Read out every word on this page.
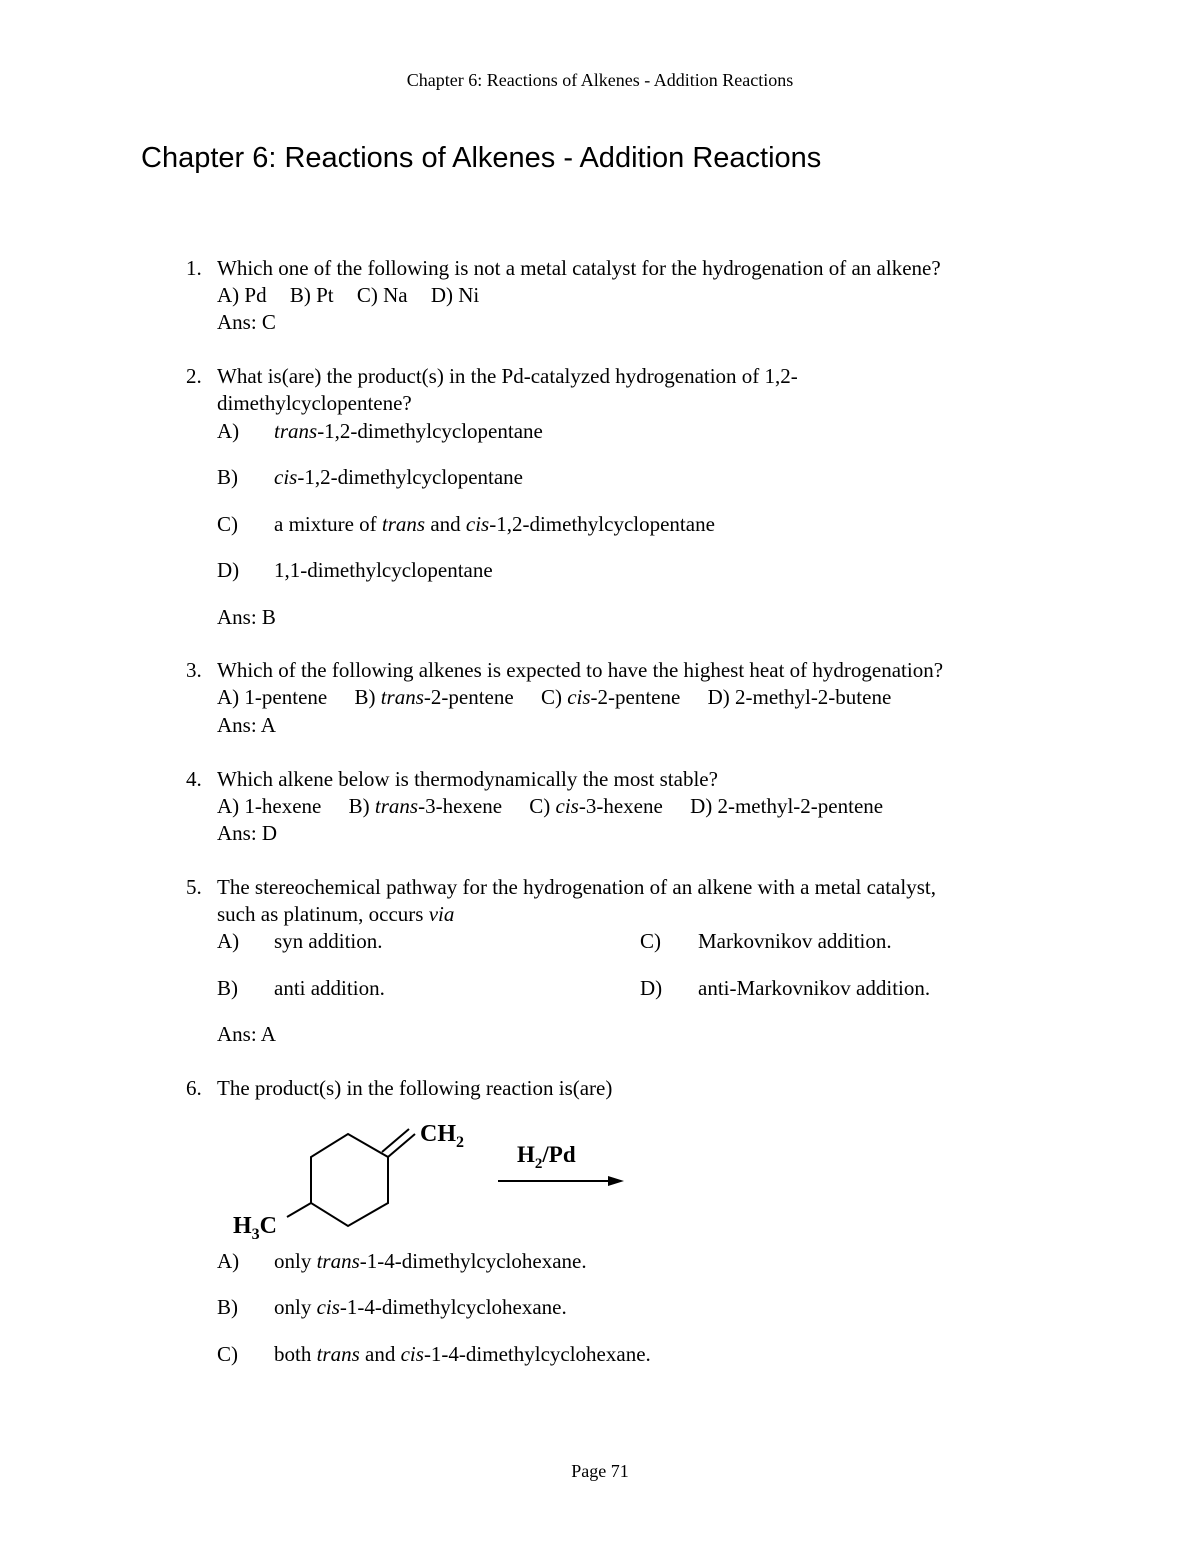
Chapter 6: Reactions of Alkenes - Addition Reactions
Chapter 6: Reactions of Alkenes - Addition Reactions
1. Which one of the following is not a metal catalyst for the hydrogenation of an alkene?
A) Pd B) Pt C) Na D) Ni
Ans: C
2. What is(are) the product(s) in the Pd-catalyzed hydrogenation of 1,2-
dimethylcyclopentene?
A) trans-1,2-dimethylcyclopentane
B) cis-1,2-dimethylcyclopentane
C) a mixture of trans and cis-1,2-dimethylcyclopentane
D) 1,1-dimethylcyclopentane
Ans: B
3. Which of the following alkenes is expected to have the highest heat of hydrogenation?
A) 1-pentene B) trans-2-pentene C) cis-2-pentene D) 2-methyl-2-butene
Ans: A
4. Which alkene below is thermodynamically the most stable?
A) 1-hexene B) trans-3-hexene C) cis-3-hexene D) 2-methyl-2-pentene
Ans: D
5. The stereochemical pathway for the hydrogenation of an alkene with a metal catalyst,
such as platinum, occurs via
A) syn addition.	C) Markovnikov addition.
B) anti addition.	D) anti-Markovnikov addition.
Ans: A
6. The product(s) in the following reaction is(are)
$CH_2$
$H_3C$
$H_2/Pd$
A) only trans-1-4-dimethylcyclohexane.
B) only cis-1-4-dimethylcyclohexane.
C) both trans and cis-1-4-dimethylcyclohexane.
Page 71
